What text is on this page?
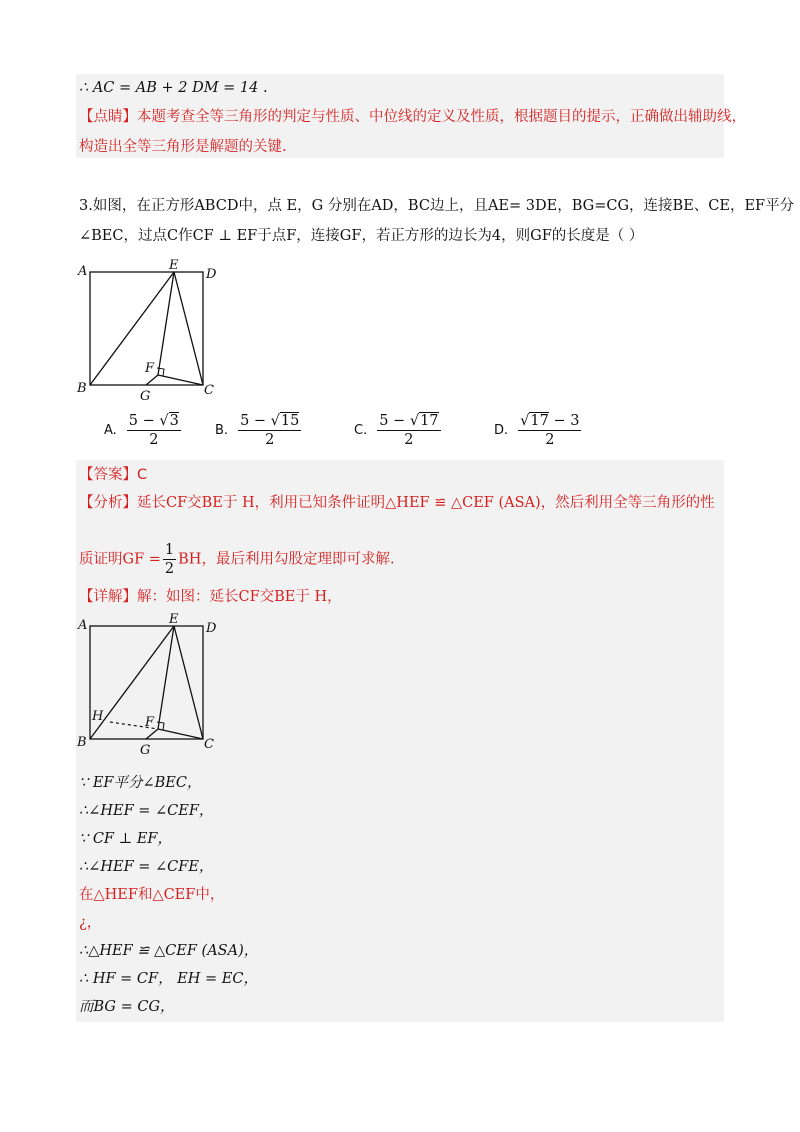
∴ AC = AB + 2 DM = 14 .
【点睛】本题考查全等三角形的判定与性质、中位线的定义及性质，根据题目的提示，正确做出辅助线，
构造出全等三角形是解题的关键.
3.如图，在正方形ABCD中，点 E，G 分别在AD，BC边上，且AE= 3DE，BG=CG，连接BE、CE，EF平分
∠BEC，过点C作CF ⊥ EF于点F，连接GF，若正方形的边长为4，则GF的长度是（ ）
A	E
D
B
F
C
G
A. $\frac{5 - √3}{2}$	B. $\frac{5 - √15}{2}$	C. $\frac{5 - √17}{2}$	D. $\frac{√17 - 3}{2}$
【答案】C
【分析】延长CF交BE于 H，利用已知条件证明△HEF ≌ △CEF (ASA)，然后利用全等三角形的性
质证明GF = $\frac{1}{2}$ BH，最后利用勾股定理即可求解.
【详解】解：如图：延长CF交BE于 H，
A	E
D
H	F
B	C
G
∵ EF平分∠BEC，
∴∠HEF = ∠CEF，
∵ CF ⊥ EF，
∴∠HEF = ∠CFE，
在△HEF和△CEF中，
¿，
∴△HEF ≌ △CEF (ASA)，
∴ HF = CF， EH = EC，
而BG = CG，
